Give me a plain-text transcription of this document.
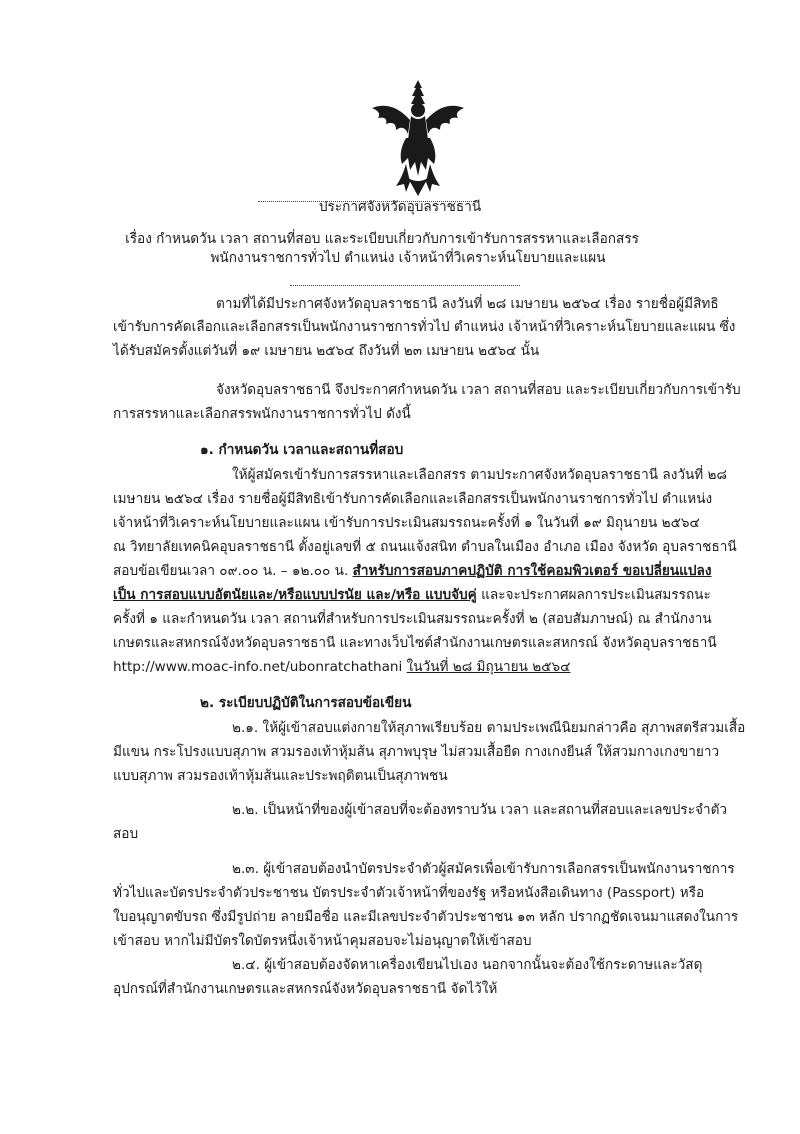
ประกาศจังหวัดอุบลราชธานี
เรื่อง กำหนดวัน เวลา สถานที่สอบ และระเบียบเกี่ยวกับการเข้ารับการสรรหาและเลือกสรร
พนักงานราชการทั่วไป ตำแหน่ง เจ้าหน้าที่วิเคราะห์นโยบายและแผน
ตามที่ได้มีประกาศจังหวัดอุบลราชธานี ลงวันที่ ๒๘ เมษายน ๒๕๖๔ เรื่อง รายชื่อผู้มีสิทธิ
เข้ารับการคัดเลือกและเลือกสรรเป็นพนักงานราชการทั่วไป ตำแหน่ง เจ้าหน้าที่วิเคราะห์นโยบายและแผน ซึ่ง
ได้รับสมัครตั้งแต่วันที่ ๑๙ เมษายน ๒๕๖๔ ถึงวันที่ ๒๓ เมษายน ๒๕๖๔ นั้น
จังหวัดอุบลราชธานี จึงประกาศกำหนดวัน เวลา สถานที่สอบ และระเบียบเกี่ยวกับการเข้ารับ
การสรรหาและเลือกสรรพนักงานราชการทั่วไป ดังนี้
๑. กำหนดวัน เวลาและสถานที่สอบ
ให้ผู้สมัครเข้ารับการสรรหาและเลือกสรร ตามประกาศจังหวัดอุบลราชธานี ลงวันที่ ๒๘
เมษายน ๒๕๖๔ เรื่อง รายชื่อผู้มีสิทธิเข้ารับการคัดเลือกและเลือกสรรเป็นพนักงานราชการทั่วไป ตำแหน่ง
เจ้าหน้าที่วิเคราะห์นโยบายและแผน เข้ารับการประเมินสมรรถนะครั้งที่ ๑ ในวันที่ ๑๙ มิถุนายน ๒๕๖๔
ณ วิทยาลัยเทคนิคอุบลราชธานี ตั้งอยู่เลขที่ ๕ ถนนแจ้งสนิท ตำบลในเมือง อำเภอ เมือง จังหวัด อุบลราชธานี
สอบข้อเขียนเวลา ๐๙.๐๐ น. – ๑๒.๐๐ น. สำหรับการสอบภาคปฏิบัติ การใช้คอมพิวเตอร์ ขอเปลี่ยนแปลง
เป็น การสอบแบบอัตนัยและ/หรือแบบปรนัย และ/หรือ แบบจับคู่ และจะประกาศผลการประเมินสมรรถนะ
ครั้งที่ ๑ และกำหนดวัน เวลา สถานที่สำหรับการประเมินสมรรถนะครั้งที่ ๒ (สอบสัมภาษณ์) ณ สำนักงาน
เกษตรและสหกรณ์จังหวัดอุบลราชธานี และทางเว็บไซต์สำนักงานเกษตรและสหกรณ์ จังหวัดอุบลราชธานี
http://www.moac-info.net/ubonratchathani ในวันที่ ๒๘ มิถุนายน ๒๕๖๔
๒. ระเบียบปฏิบัติในการสอบข้อเขียน
๒.๑. ให้ผู้เข้าสอบแต่งกายให้สุภาพเรียบร้อย ตามประเพณีนิยมกล่าวคือ สุภาพสตรีสวมเสื้อ
มีแขน กระโปรงแบบสุภาพ สวมรองเท้าหุ้มส้น สุภาพบุรุษ ไม่สวมเสื้อยืด กางเกงยีนส์ ให้สวมกางเกงขายาว
แบบสุภาพ สวมรองเท้าหุ้มส้นและประพฤติตนเป็นสุภาพชน
๒.๒. เป็นหน้าที่ของผู้เข้าสอบที่จะต้องทราบวัน เวลา และสถานที่สอบและเลขประจำตัว
สอบ
๒.๓. ผู้เข้าสอบต้องนำบัตรประจำตัวผู้สมัครเพื่อเข้ารับการเลือกสรรเป็นพนักงานราชการ
ทั่วไปและบัตรประจำตัวประชาชน บัตรประจำตัวเจ้าหน้าที่ของรัฐ หรือหนังสือเดินทาง (Passport) หรือ
ใบอนุญาตขับรถ ซึ่งมีรูปถ่าย ลายมือชื่อ และมีเลขประจำตัวประชาชน ๑๓ หลัก ปรากฏชัดเจนมาแสดงในการ
เข้าสอบ หากไม่มีบัตรใดบัตรหนึ่งเจ้าหน้าคุมสอบจะไม่อนุญาตให้เข้าสอบ
๒.๔. ผู้เข้าสอบต้องจัดหาเครื่องเขียนไปเอง นอกจากนั้นจะต้องใช้กระดาษและวัสดุ
อุปกรณ์ที่สำนักงานเกษตรและสหกรณ์จังหวัดอุบลราชธานี จัดไว้ให้
